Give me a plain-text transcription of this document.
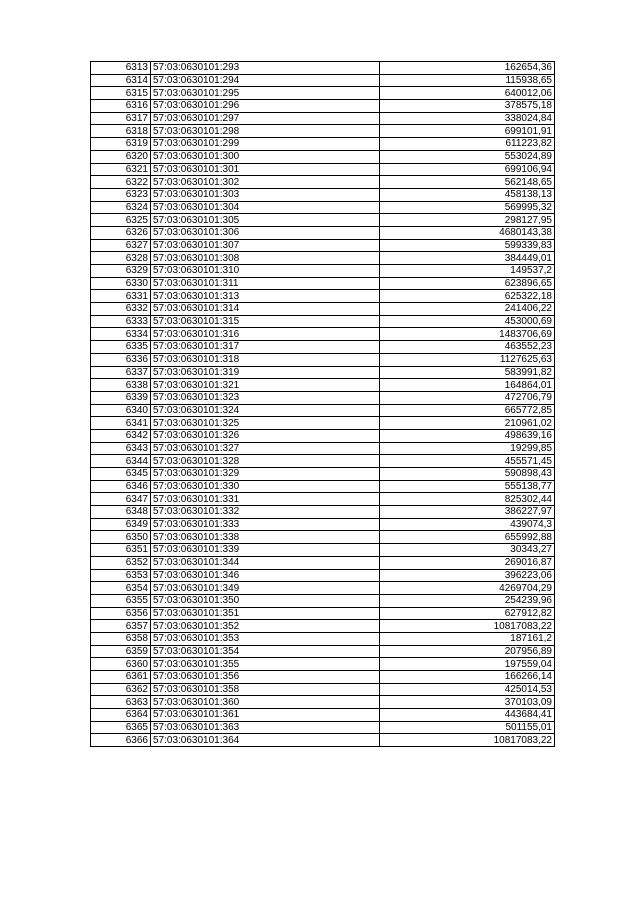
6313	57:03:0630101:293	162654,36
6314	57:03:0630101:294	115938,65
6315	57:03:0630101:295	640012,06
6316	57:03:0630101:296	378575,18
6317	57:03:0630101:297	338024,84
6318	57:03:0630101:298	699101,91
6319	57:03:0630101:299	611223,82
6320	57:03:0630101:300	553024,89
6321	57:03:0630101:301	699106,94
6322	57:03:0630101:302	562148,65
6323	57:03:0630101:303	458138,13
6324	57:03:0630101:304	569995,32
6325	57:03:0630101:305	298127,95
6326	57:03:0630101:306	4680143,38
6327	57:03:0630101:307	599339,83
6328	57:03:0630101:308	384449,01
6329	57:03:0630101:310	149537,2
6330	57:03:0630101:311	623896,65
6331	57:03:0630101:313	625322,18
6332	57:03:0630101:314	241406,22
6333	57:03:0630101:315	453000,69
6334	57:03:0630101:316	1483706,69
6335	57:03:0630101:317	463552,23
6336	57:03:0630101:318	1127625,63
6337	57:03:0630101:319	583991,82
6338	57:03:0630101:321	164864,01
6339	57:03:0630101:323	472706,79
6340	57:03:0630101:324	665772,85
6341	57:03:0630101:325	210961,02
6342	57:03:0630101:326	498639,16
6343	57:03:0630101:327	19299,85
6344	57:03:0630101:328	455571,45
6345	57:03:0630101:329	590898,43
6346	57:03:0630101:330	555138,77
6347	57:03:0630101:331	825302,44
6348	57:03:0630101:332	386227,97
6349	57:03:0630101:333	439074,3
6350	57:03:0630101:338	655992,88
6351	57:03:0630101:339	30343,27
6352	57:03:0630101:344	269016,87
6353	57:03:0630101:346	396223,06
6354	57:03:0630101:349	4269704,29
6355	57:03:0630101:350	254239,96
6356	57:03:0630101:351	627912,82
6357	57:03:0630101:352	10817083,22
6358	57:03:0630101:353	187161,2
6359	57:03:0630101:354	207956,89
6360	57:03:0630101:355	197559,04
6361	57:03:0630101:356	166266,14
6362	57:03:0630101:358	425014,53
6363	57:03:0630101:360	370103,09
6364	57:03:0630101:361	443684,41
6365	57:03:0630101:363	501155,01
6366	57:03:0630101:364	10817083,22
